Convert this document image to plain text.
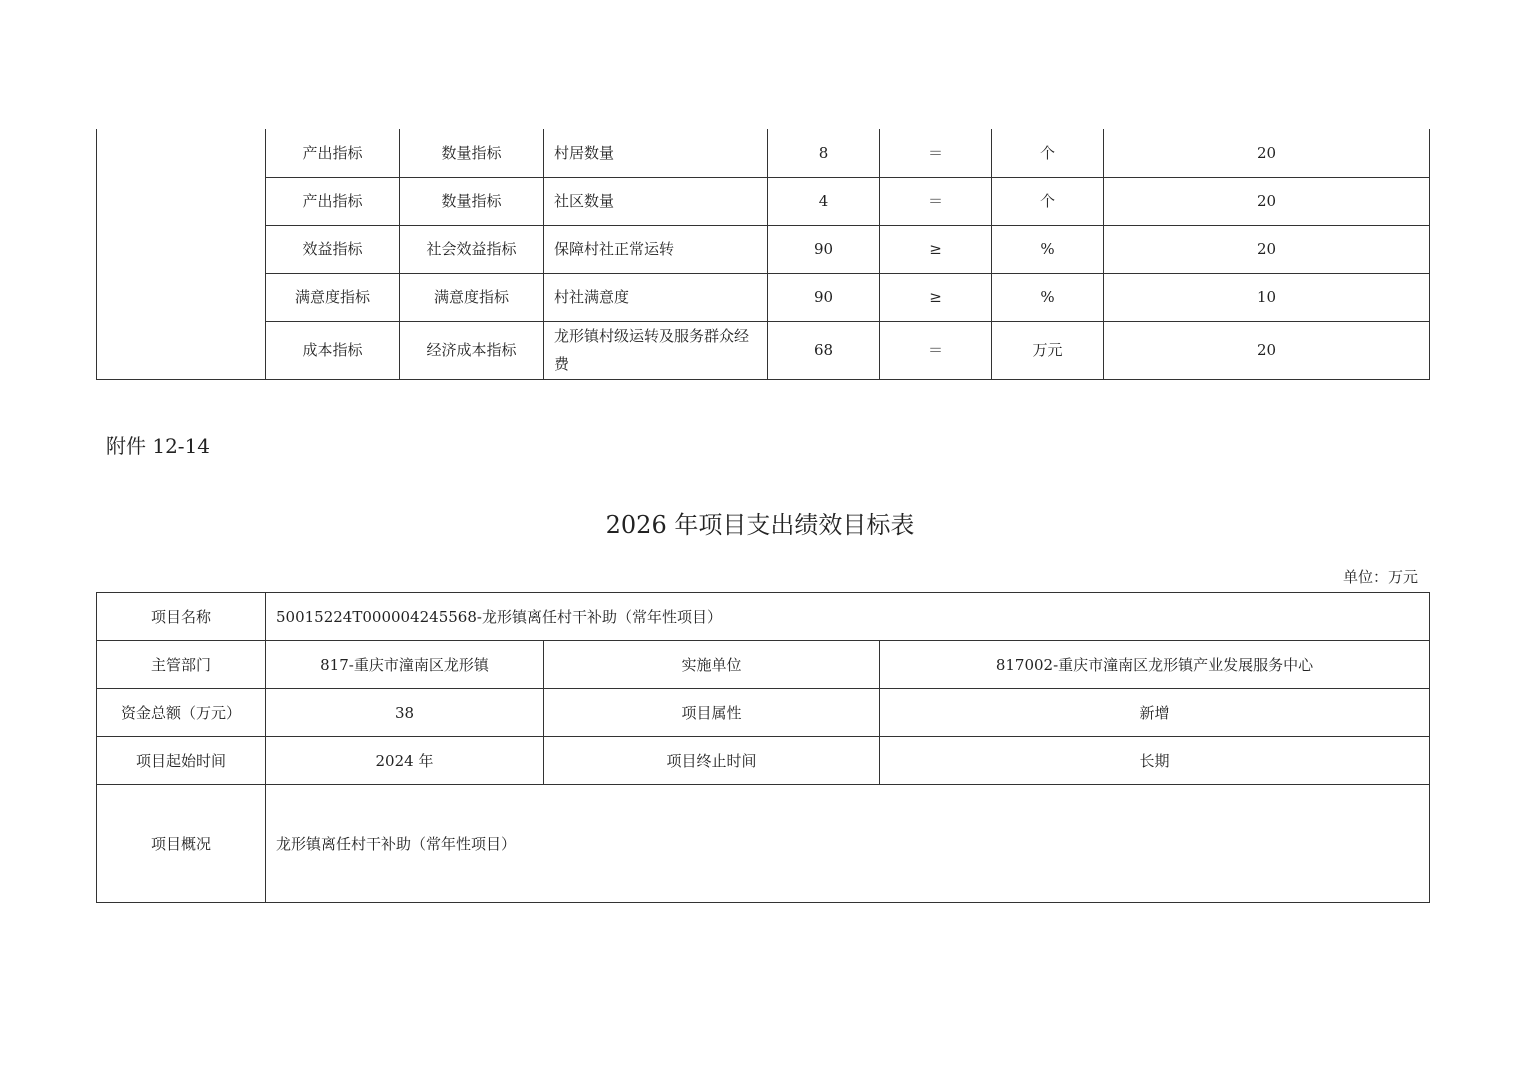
	产出指标	数量指标	村居数量	8	＝	个	20
	产出指标	数量指标	社区数量	4	＝	个	20
	效益指标	社会效益指标	保障村社正常运转	90	≥	%	20
	满意度指标	满意度指标	村社满意度	90	≥	%	10
	成本指标	经济成本指标	龙形镇村级运转及服务群众经费	68	＝	万元	20
附件 12-14
2026 年项目支出绩效目标表
单位：万元
项目名称	50015224T000004245568-龙形镇离任村干补助（常年性项目）		
主管部门	817-重庆市潼南区龙形镇	实施单位	817002-重庆市潼南区龙形镇产业发展服务中心
资金总额（万元）	38	项目属性	新增
项目起始时间	2024 年	项目终止时间	长期
项目概况	龙形镇离任村干补助（常年性项目）		
